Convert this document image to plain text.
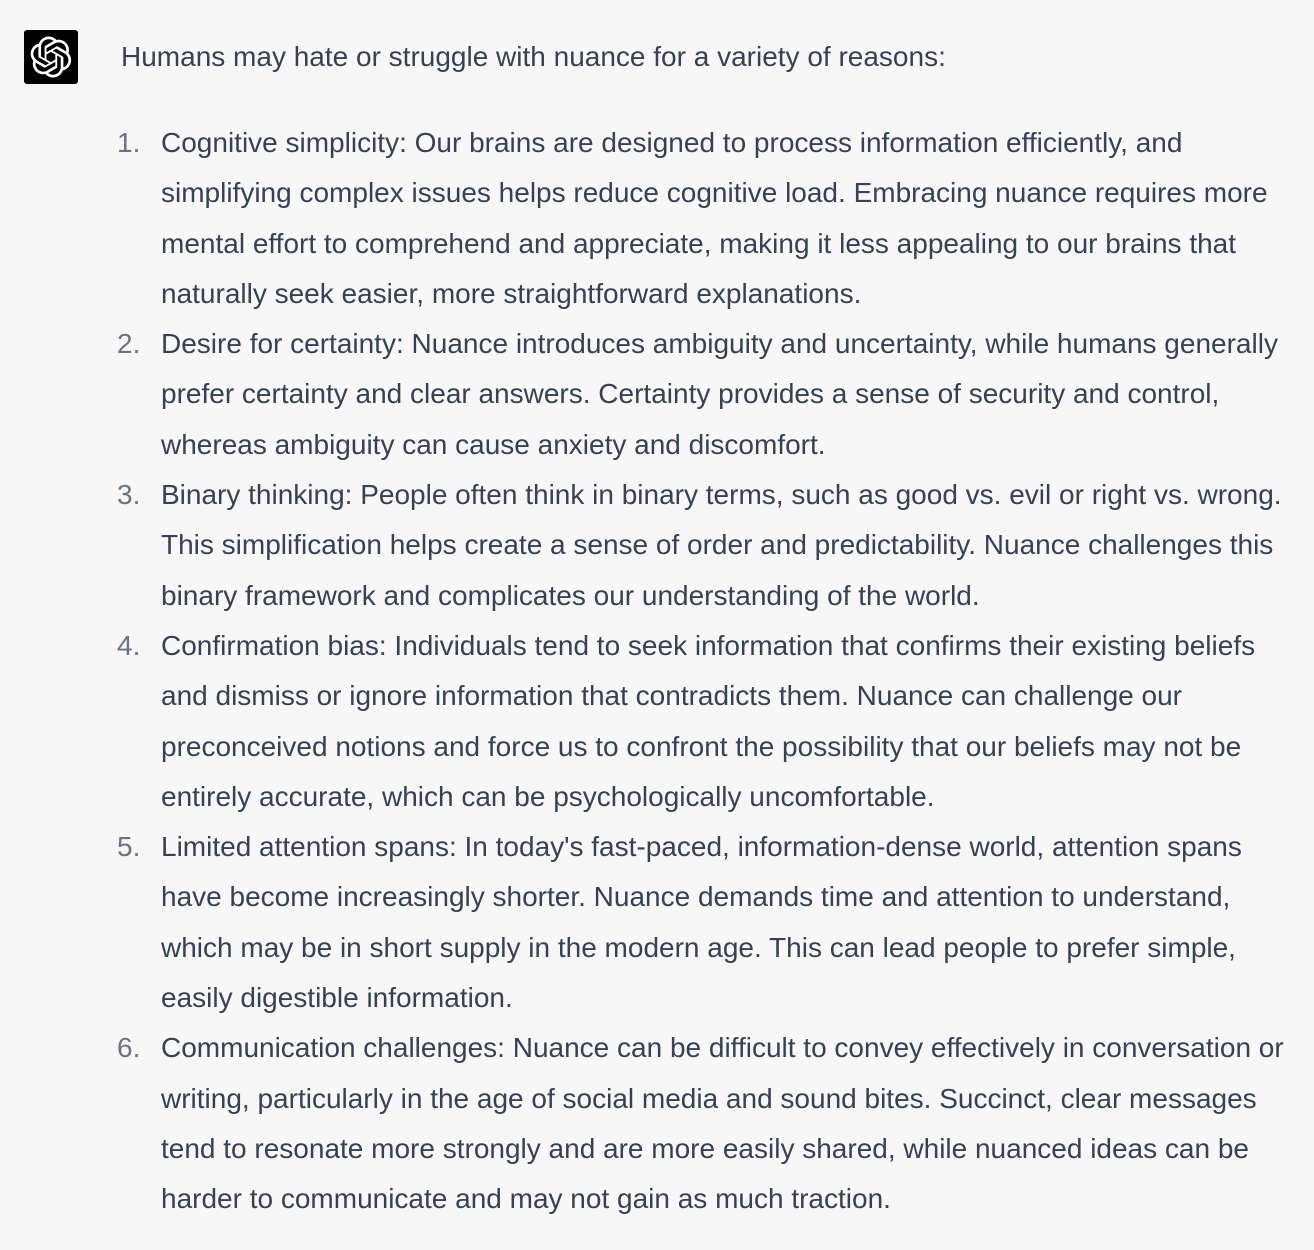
Humans may hate or struggle with nuance for a variety of reasons:

1. Cognitive simplicity: Our brains are designed to process information efficiently, and simplifying complex issues helps reduce cognitive load. Embracing nuance requires more mental effort to comprehend and appreciate, making it less appealing to our brains that naturally seek easier, more straightforward explanations.
2. Desire for certainty: Nuance introduces ambiguity and uncertainty, while humans generally prefer certainty and clear answers. Certainty provides a sense of security and control, whereas ambiguity can cause anxiety and discomfort.
3. Binary thinking: People often think in binary terms, such as good vs. evil or right vs. wrong. This simplification helps create a sense of order and predictability. Nuance challenges this binary framework and complicates our understanding of the world.
4. Confirmation bias: Individuals tend to seek information that confirms their existing beliefs and dismiss or ignore information that contradicts them. Nuance can challenge our preconceived notions and force us to confront the possibility that our beliefs may not be entirely accurate, which can be psychologically uncomfortable.
5. Limited attention spans: In today's fast-paced, information-dense world, attention spans have become increasingly shorter. Nuance demands time and attention to understand, which may be in short supply in the modern age. This can lead people to prefer simple, easily digestible information.
6. Communication challenges: Nuance can be difficult to convey effectively in conversation or writing, particularly in the age of social media and sound bites. Succinct, clear messages tend to resonate more strongly and are more easily shared, while nuanced ideas can be harder to communicate and may not gain as much traction.
